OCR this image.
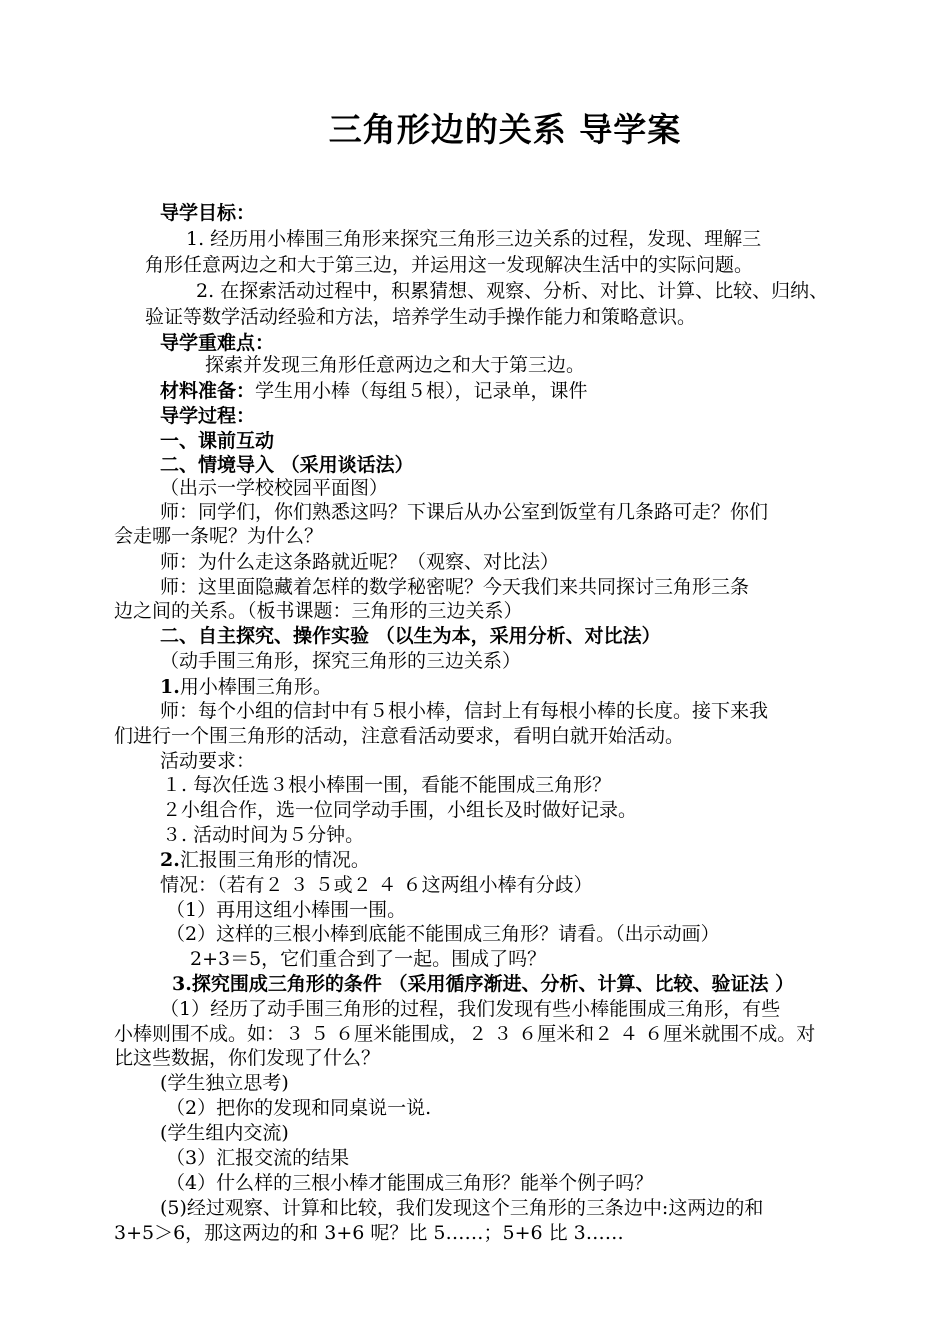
三角形边的关系 导学案
导学目标：
1. 经历用小棒围三角形来探究三角形三边关系的过程，发现、理解三
角形任意两边之和大于第三边，并运用这一发现解决生活中的实际问题。
2. 在探索活动过程中，积累猜想、观察、分析、对比、计算、比较、归纳、
验证等数学活动经验和方法，培养学生动手操作能力和策略意识。
导学重难点：
探索并发现三角形任意两边之和大于第三边。
材料准备：学生用小棒（每组５根），记录单，课件
导学过程：
一、课前互动
二、情境导入 （采用谈话法）
（出示一学校校园平面图）
师：同学们，你们熟悉这吗？下课后从办公室到饭堂有几条路可走？你们
会走哪一条呢？为什么？
师：为什么走这条路就近呢？（观察、对比法）
师：这里面隐藏着怎样的数学秘密呢？今天我们来共同探讨三角形三条
边之间的关系。（板书课题：三角形的三边关系）
二、自主探究、操作实验 （以生为本，采用分析、对比法）
（动手围三角形，探究三角形的三边关系）
1.用小棒围三角形。
师：每个小组的信封中有５根小棒，信封上有每根小棒的长度。接下来我
们进行一个围三角形的活动，注意看活动要求，看明白就开始活动。
活动要求：
１. 每次任选３根小棒围一围，看能不能围成三角形？
２小组合作，选一位同学动手围，小组长及时做好记录。
３. 活动时间为５分钟。
2.汇报围三角形的情况。
情况：（若有２ ３ ５或２ ４ ６这两组小棒有分歧）
（1）再用这组小棒围一围。
（2）这样的三根小棒到底能不能围成三角形？请看。（出示动画）
2+3＝5，它们重合到了一起。围成了吗？
3.探究围成三角形的条件 （采用循序渐进、分析、计算、比较、验证法 ）
（1）经历了动手围三角形的过程，我们发现有些小棒能围成三角形，有些
小棒则围不成。如：３ ５ ６厘米能围成，２ ３ ６厘米和２ ４ ６厘米就围不成。对
比这些数据，你们发现了什么？
(学生独立思考)
（2）把你的发现和同桌说一说.
(学生组内交流)
（3）汇报交流的结果
（4）什么样的三根小棒才能围成三角形？能举个例子吗？
(5)经过观察、计算和比较，我们发现这个三角形的三条边中:这两边的和
3+5＞6，那这两边的和 3+6 呢？比 5……；5+6 比 3……
